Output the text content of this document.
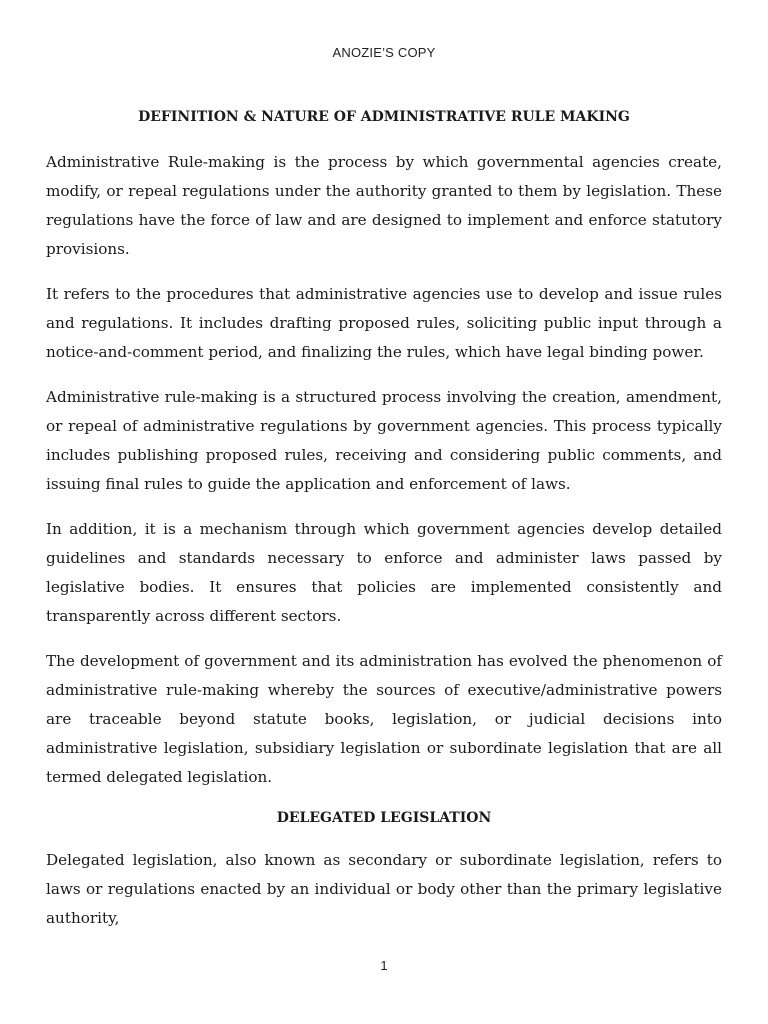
ANOZIE’S COPY
DEFINITION & NATURE OF ADMINISTRATIVE RULE MAKING

Administrative Rule-making is the process by which governmental agencies create, modify, or repeal regulations under the authority granted to them by legislation. These regulations have the force of law and are designed to implement and enforce statutory provisions.

It refers to the procedures that administrative agencies use to develop and issue rules and regulations. It includes drafting proposed rules, soliciting public input through a notice-and-comment period, and finalizing the rules, which have legal binding power.

Administrative rule-making is a structured process involving the creation, amendment, or repeal of administrative regulations by government agencies. This process typically includes publishing proposed rules, receiving and considering public comments, and issuing final rules to guide the application and enforcement of laws.

In addition, it is a mechanism through which government agencies develop detailed guidelines and standards necessary to enforce and administer laws passed by legislative bodies. It ensures that policies are implemented consistently and transparently across different sectors.

The development of government and its administration has evolved the phenomenon of administrative rule-making whereby the sources of executive/administrative powers are traceable beyond statute books, legislation, or judicial decisions into administrative legislation, subsidiary legislation or subordinate legislation that are all termed delegated legislation.

DELEGATED LEGISLATION

Delegated legislation, also known as secondary or subordinate legislation, refers to laws or regulations enacted by an individual or body other than the primary legislative authority,

1
